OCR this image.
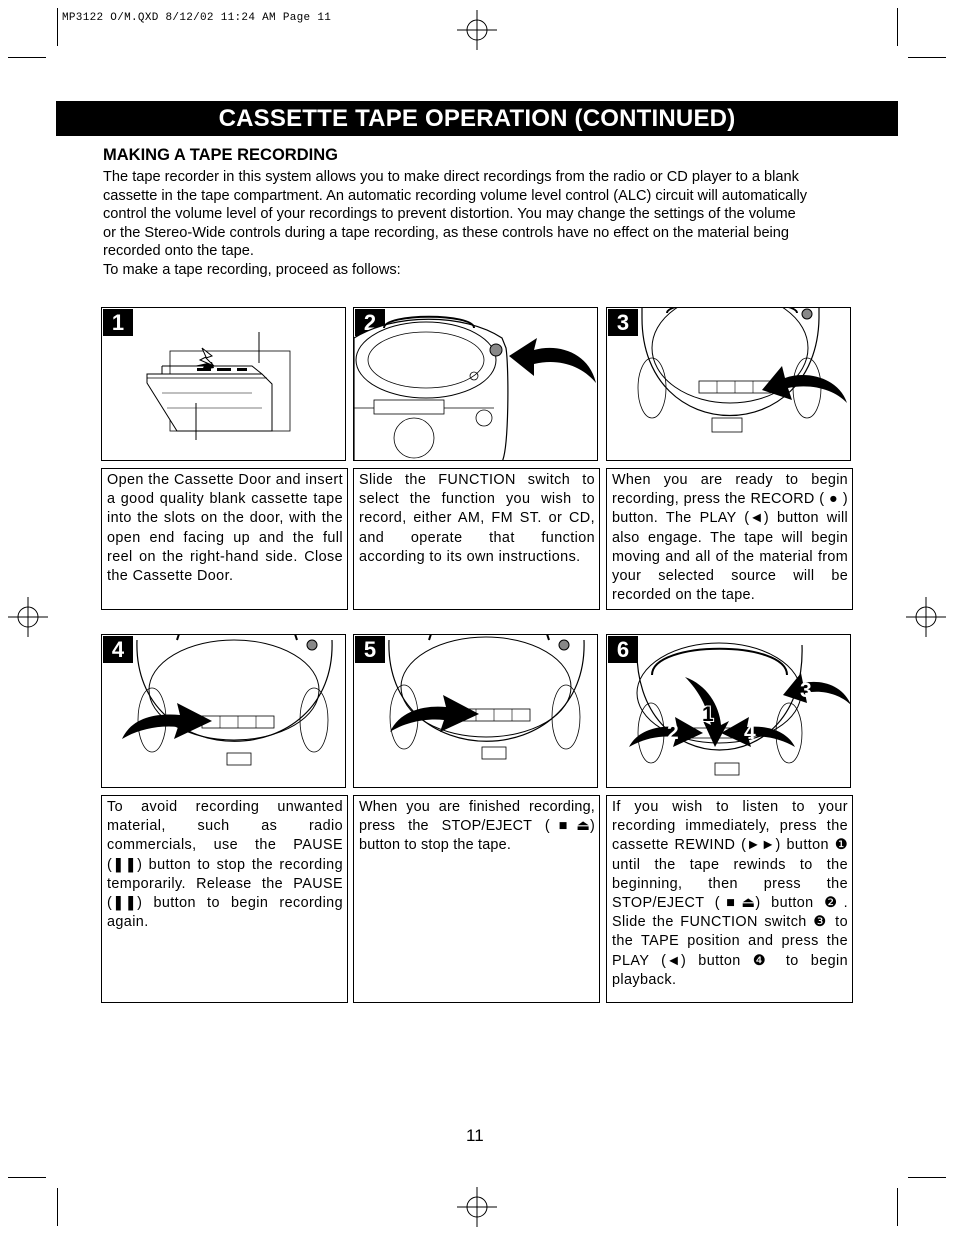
MP3122 O/M.QXD 8/12/02 11:24 AM Page 11
CASSETTE TAPE OPERATION (CONTINUED)
MAKING A TAPE RECORDING

The tape recorder in this system allows you to make direct recordings from the radio or CD player to a blank

cassette in the tape compartment. An automatic recording volume level control (ALC) circuit will automatically

control the volume level of your recordings to prevent distortion. You may change the settings of the volume

or the Stereo-Wide controls during a tape recording, as these controls have no effect on the material being

recorded onto the tape.

To make a tape recording, proceed as follows:

1
Open the Cassette Door and insert a good quality blank cassette tape into the slots on the door, with the open end facing up and the full reel on the right-hand side. Close the Cassette Door.
2
Slide the FUNCTION switch to select the function you wish to record, either AM, FM ST. or CD, and operate that function according to its own instructions.
3
When you are ready to begin recording, press the RECORD ( ● ) button. The PLAY (◄) button will also engage. The tape will begin moving and all of the material from your selected source will be recorded on the tape.
4
To avoid recording unwanted material, such as radio commercials, use the PAUSE (❚❚) button to stop the recording temporarily. Release the PAUSE (❚❚) button to begin recording again.
5
When you are finished recording, press the STOP/EJECT (■⏏) button to stop the tape.
6
1
2
3
4
If you wish to listen to your recording immediately, press the cassette REWIND (►►) button ❶ until the tape rewinds to the beginning, then press the STOP/EJECT (■⏏) button ❷. Slide the FUNCTION switch ❸ to the TAPE position and press the PLAY (◄) button ❹ to begin playback.
11
